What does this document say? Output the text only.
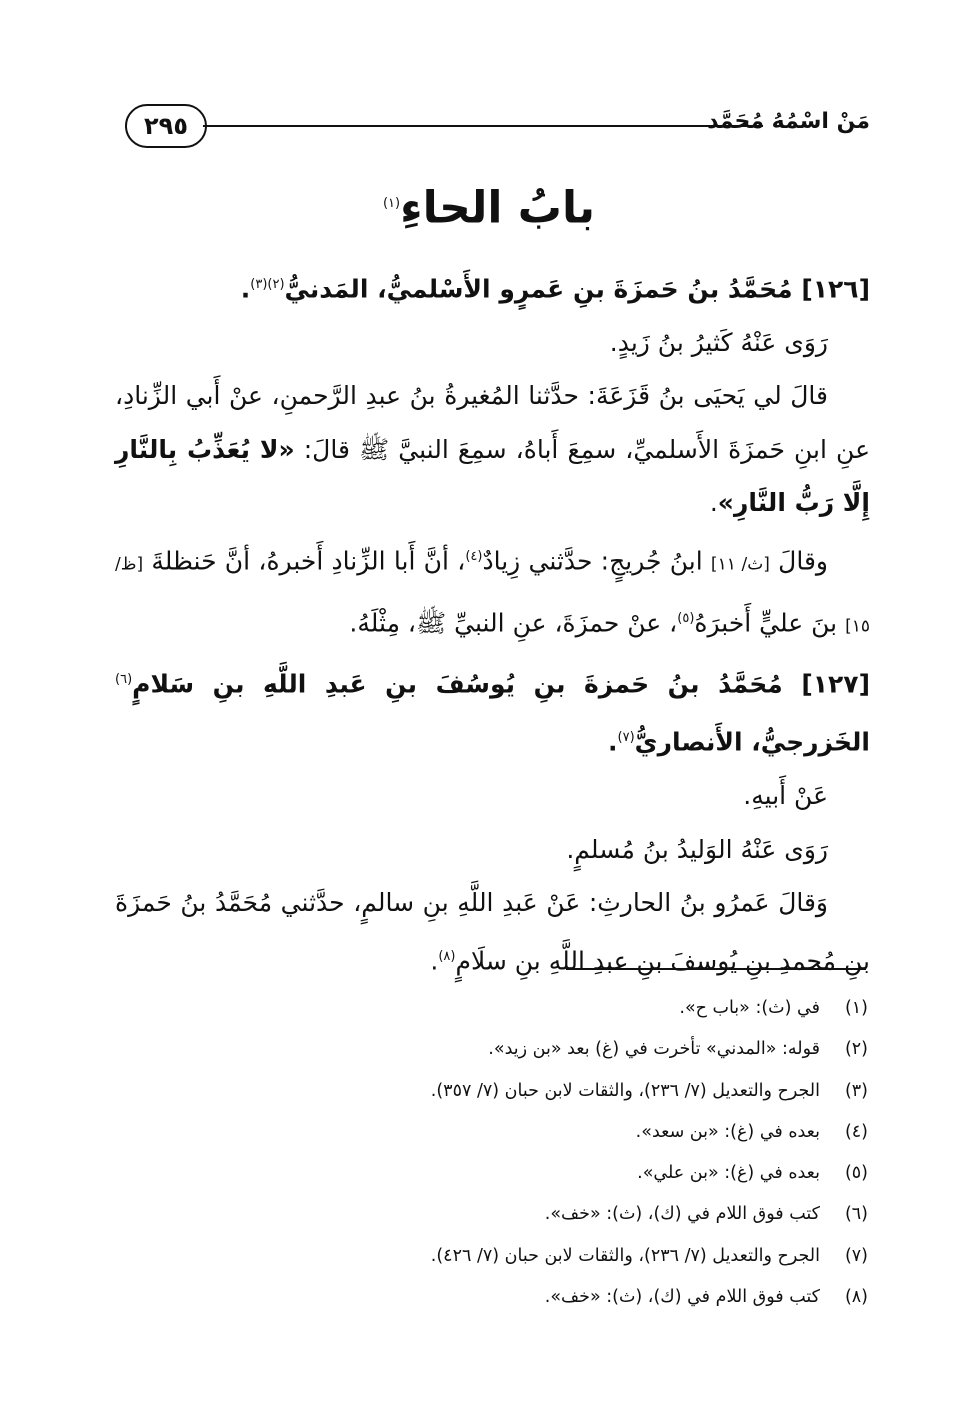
٢٩٥	مَنْ اسْمُهُ مُحَمَّد
بابُ الحاءِ$^{(١)}$

[١٢٦] مُحَمَّدُ بنُ حَمزَةَ بنِ عَمرٍو الأَسْلميُّ، المَدنيُّ$^{(٢)(٣)}$.

رَوَى عَنْهُ كَثيرُ بنُ زَيدٍ.

قالَ لي يَحيَى بنُ قَزَعَةَ: حدَّثنا المُغيرةُ بنُ عبدِ الرَّحمنِ، عنْ أَبي الزِّنادِ، عنِ ابنِ حَمزَةَ الأَسلميِّ، سمِعَ أَباهُ، سمِعَ النبيَّ ﷺ قالَ: «لا يُعَذِّبُ بِالنَّارِ إِلَّا رَبُّ النَّارِ».

وقالَ [ث/ ١١] ابنُ جُريجٍ: حدَّثني زِيادٌ$^{(٤)}$، أنَّ أَبا الزِّنادِ أَخبرهُ، أنَّ حَنظلةَ [ظ/ ١٥] بنَ عليٍّ أَخبرَهُ$^{(٥)}$، عنْ حمزَةَ، عنِ النبيِّ ﷺ، مِثْلَهُ.

[١٢٧] مُحَمَّدُ بنُ حَمزةَ بنِ يُوسُفَ بنِ عَبدِ اللَّهِ بنِ سَلامٍ$^{(٦)}$ الخَزرجيُّ، الأَنصاريُّ$^{(٧)}$.

عَنْ أَبيهِ.

رَوَى عَنْهُ الوَليدُ بنُ مُسلمٍ.

وَقالَ عَمرُو بنُ الحارثِ: عَنْ عَبدِ اللَّهِ بنِ سالمٍ، حدَّثني مُحَمَّدُ بنُ حَمزَةَ بنِ مُحمدِ بنِ يُوسفَ بنِ عبدِ اللَّهِ بنِ سلَامٍ$^{(٨)}$.

(١)في (ث): «باب ح».
(٢)قوله: «المدني» تأخرت في (غ) بعد «بن زيد».
(٣)الجرح والتعديل (٧/ ٢٣٦)، والثقات لابن حبان (٧/ ٣٥٧).
(٤)بعده في (غ): «بن سعد».
(٥)بعده في (غ): «بن علي».
(٦)كتب فوق اللام في (ك)، (ث): «خف».
(٧)الجرح والتعديل (٧/ ٢٣٦)، والثقات لابن حبان (٧/ ٤٢٦).
(٨)كتب فوق اللام في (ك)، (ث): «خف».
